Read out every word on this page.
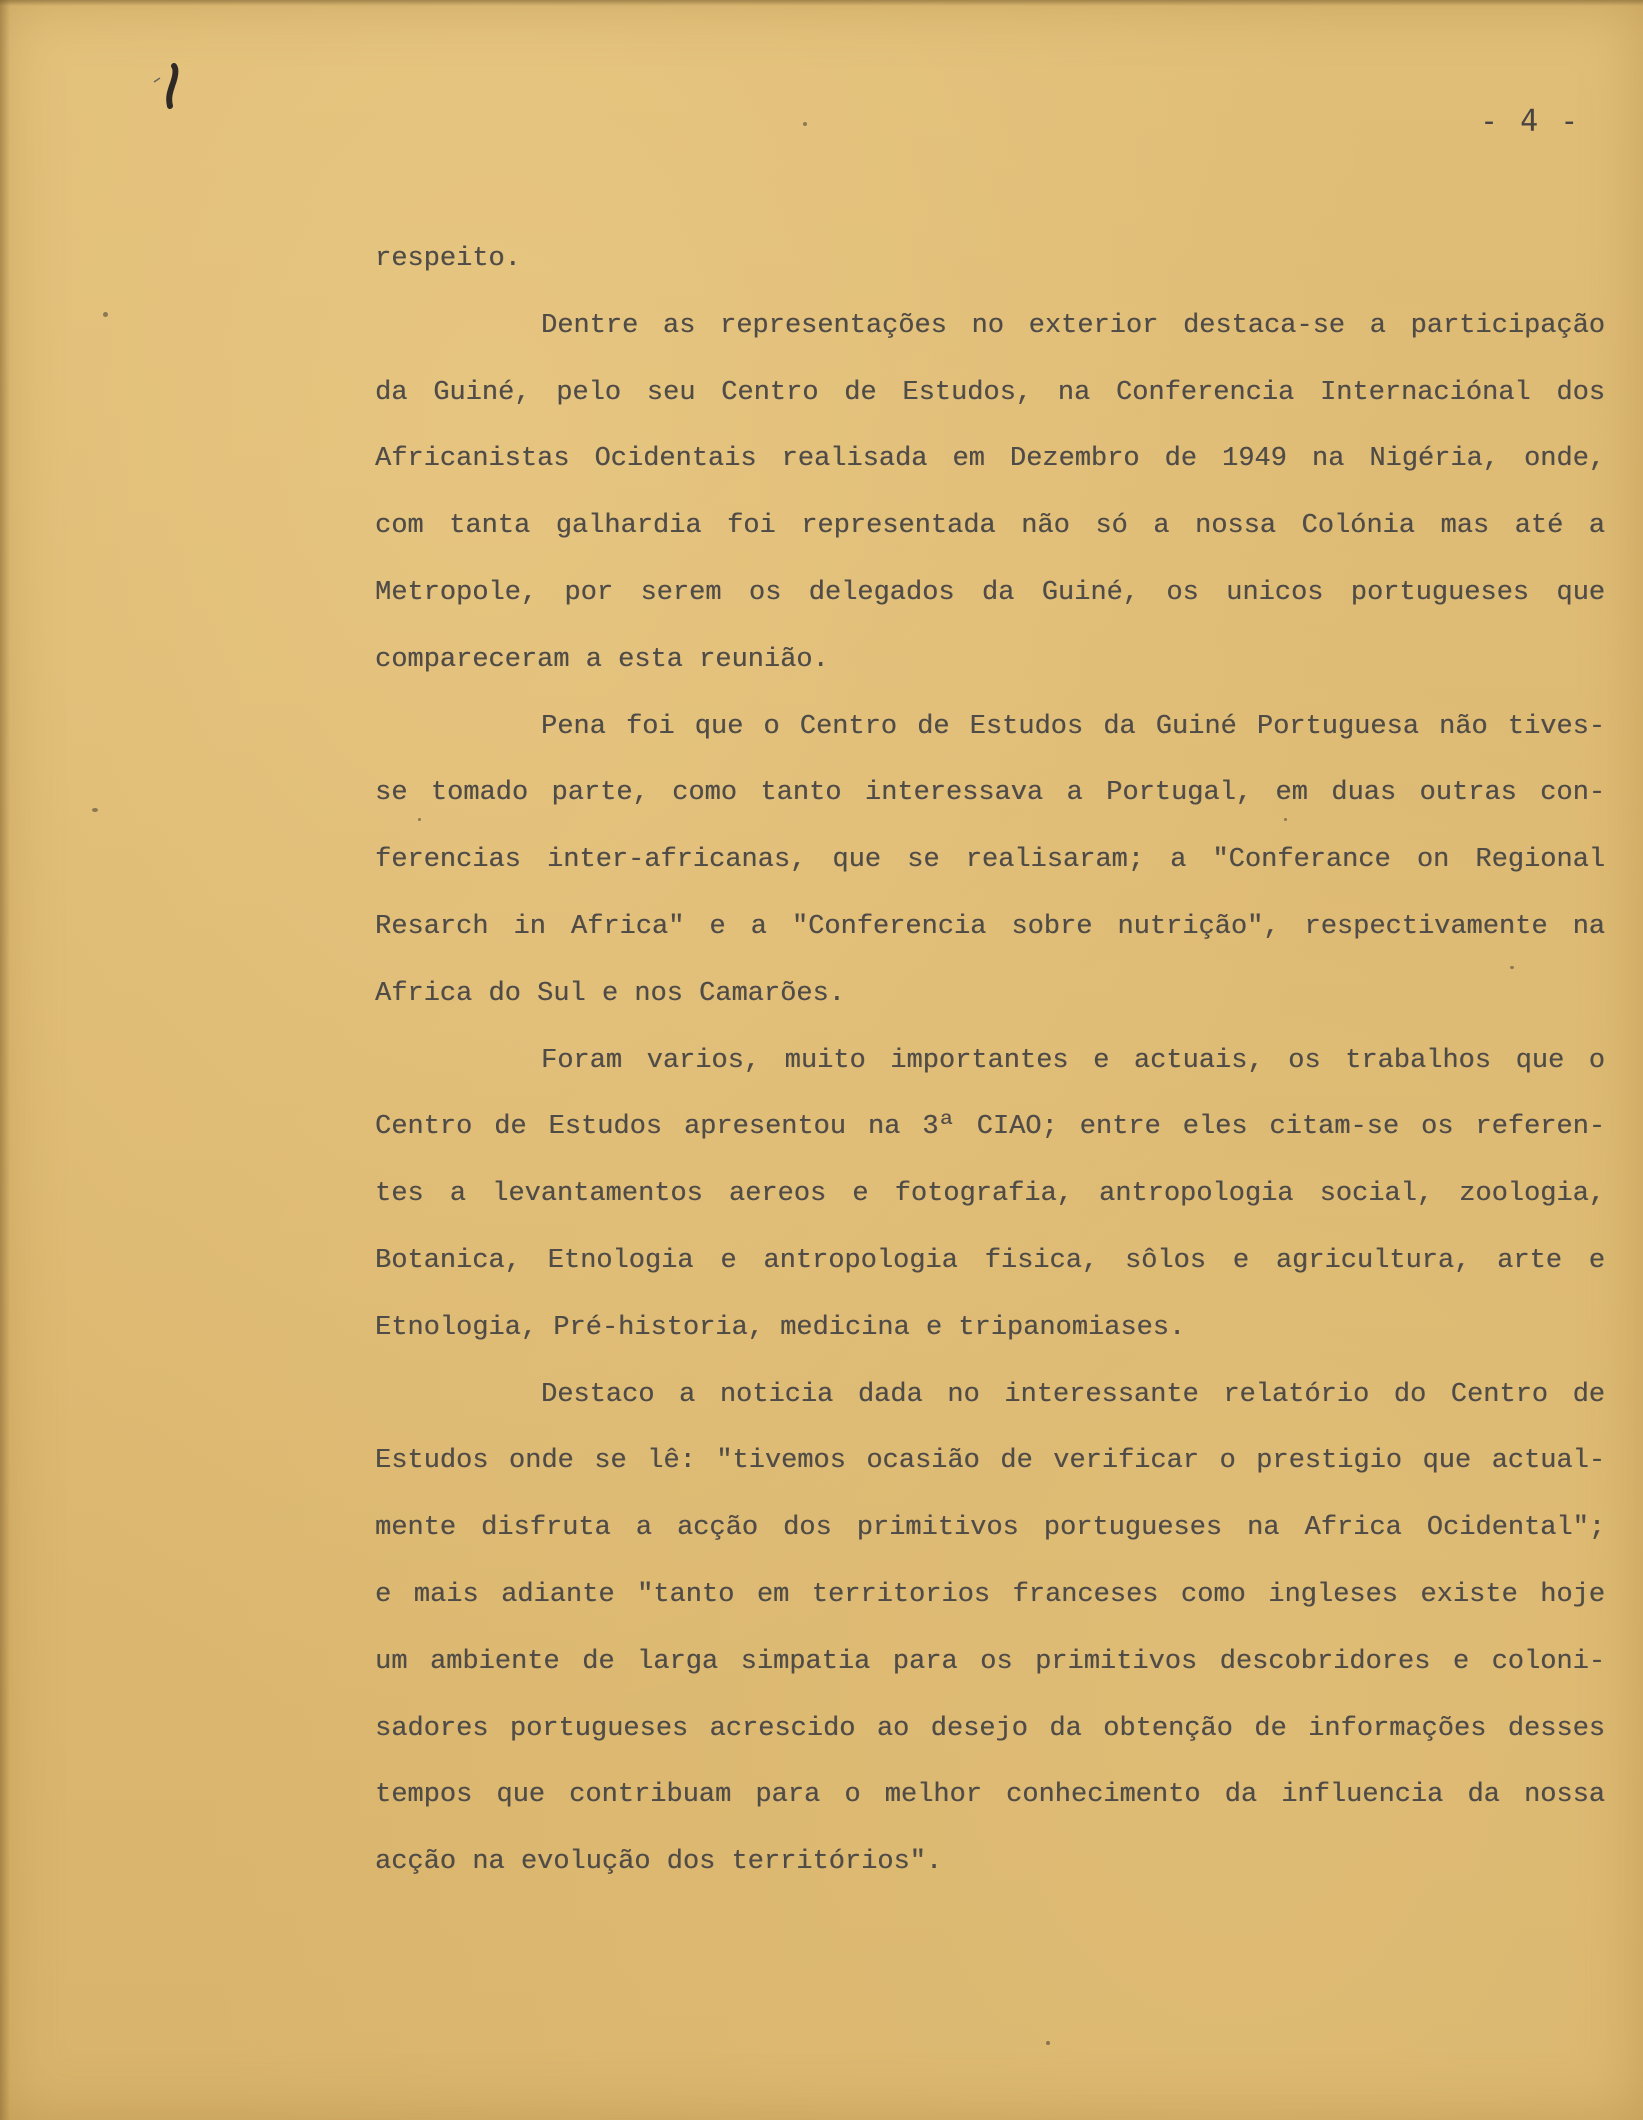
- 4 -
respeito.
Dentre as representações no exterior destaca-se a participação
da Guiné, pelo seu Centro de Estudos, na Conferencia Internaciónal dos
Africanistas Ocidentais realisada em Dezembro de 1949 na Nigéria, onde,
com tanta galhardia foi representada não só a nossa Colónia mas até a
Metropole, por serem os delegados da Guiné, os unicos portugueses que
compareceram a esta reunião.
Pena foi que o Centro de Estudos da Guiné Portuguesa não tives-
se tomado parte, como tanto interessava a Portugal, em duas outras con-
ferencias inter-africanas, que se realisaram; a "Conferance on Regional
Resarch in Africa" e a "Conferencia sobre nutrição", respectivamente na
Africa do Sul e nos Camarões.
Foram varios, muito importantes e actuais, os trabalhos que o
Centro de Estudos apresentou na 3ª CIAO; entre eles citam-se os referen-
tes a levantamentos aereos e fotografia, antropologia social, zoologia,
Botanica, Etnologia e antropologia fisica, sôlos e agricultura, arte e
Etnologia, Pré-historia, medicina e tripanomiases.
Destaco a noticia dada no interessante relatório do Centro de
Estudos onde se lê: "tivemos ocasião de verificar o prestigio que actual-
mente disfruta a acção dos primitivos portugueses na Africa Ocidental";
e mais adiante "tanto em territorios franceses como ingleses existe hoje
um ambiente de larga simpatia para os primitivos descobridores e coloni-
sadores portugueses acrescido ao desejo da obtenção de informações desses
tempos que contribuam para o melhor conhecimento da influencia da nossa
acção na evolução dos territórios".
